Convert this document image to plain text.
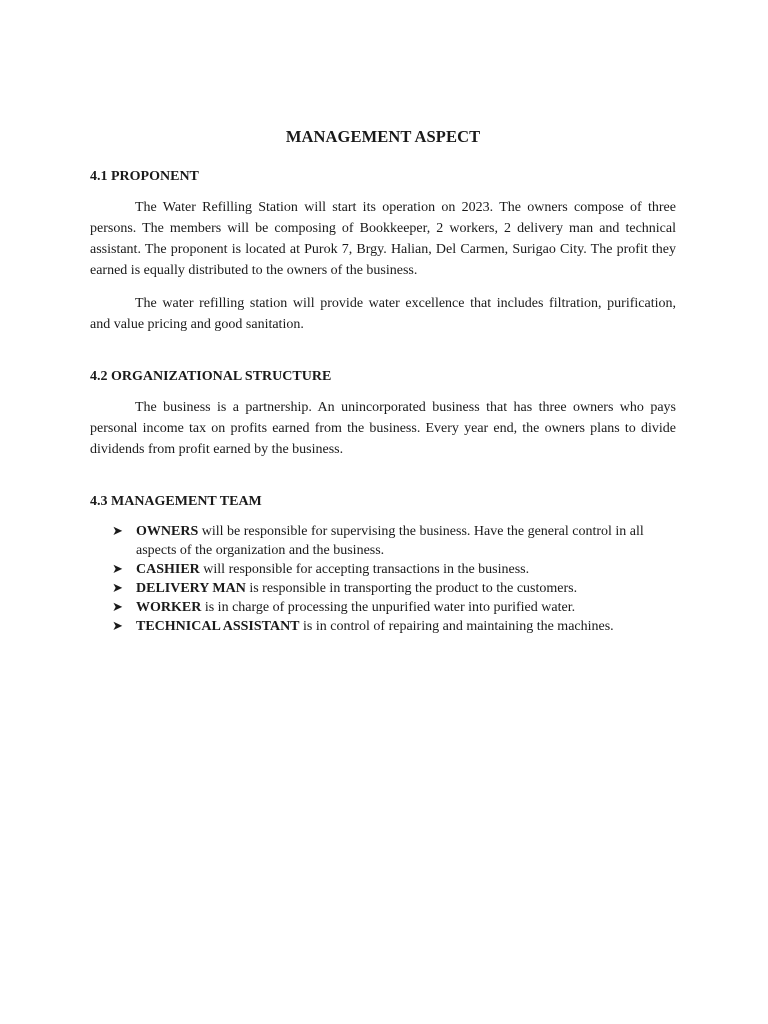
MANAGEMENT ASPECT
4.1 PROPONENT

The Water Refilling Station will start its operation on 2023. The owners compose of three persons. The members will be composing of Bookkeeper, 2 workers, 2 delivery man and technical assistant. The proponent is located at Purok 7, Brgy. Halian, Del Carmen, Surigao City. The profit they earned is equally distributed to the owners of the business.

The water refilling station will provide water excellence that includes filtration, purification, and value pricing and good sanitation.

4.2 ORGANIZATIONAL STRUCTURE

The business is a partnership. An unincorporated business that has three owners who pays personal income tax on profits earned from the business. Every year end, the owners plans to divide dividends from profit earned by the business.

4.3 MANAGEMENT TEAM
➤ OWNERS will be responsible for supervising the business. Have the general control in all aspects of the organization and the business.
➤ CASHIER will responsible for accepting transactions in the business.
➤ DELIVERY MAN is responsible in transporting the product to the customers.
➤ WORKER is in charge of processing the unpurified water into purified water.
➤ TECHNICAL ASSISTANT is in control of repairing and maintaining the machines.
